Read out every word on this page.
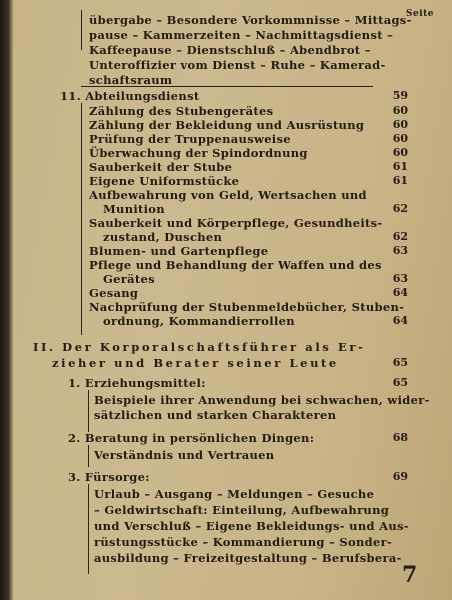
Seite
übergabe – Besondere Vorkommnisse – Mittags-
pause – Kammerzeiten – Nachmittagsdienst –
Kaffeepause – Dienstschluß – Abendbrot –
Unteroffizier vom Dienst – Ruhe – Kamerad-
schaftsraum
11. Abteilungsdienst	59
Zählung des Stubengerätes	60
Zählung der Bekleidung und Ausrüstung	60
Prüfung der Truppenausweise	60
Überwachung der Spindordnung	60
Sauberkeit der Stube	61
Eigene Uniformstücke	61
Aufbewahrung von Geld, Wertsachen und
Munition	62
Sauberkeit und Körperpflege, Gesundheits-
zustand, Duschen	62
Blumen- und Gartenpflege	63
Pflege und Behandlung der Waffen und des
Gerätes	63
Gesang	64
Nachprüfung der Stubenmeldebücher, Stuben-
ordnung, Kommandierrollen	64
II. Der Korporalschaftsführer als Er-
zieher und Berater seiner Leute	65
1. Erziehungsmittel:	65
Beispiele ihrer Anwendung bei schwachen, wider-
sätzlichen und starken Charakteren
2. Beratung in persönlichen Dingen:	68
Verständnis und Vertrauen
3. Fürsorge:	69
Urlaub – Ausgang – Meldungen – Gesuche
– Geldwirtschaft: Einteilung, Aufbewahrung
und Verschluß – Eigene Bekleidungs- und Aus-
rüstungsstücke – Kommandierung – Sonder-
ausbildung – Freizeitgestaltung – Berufsbera-
7
